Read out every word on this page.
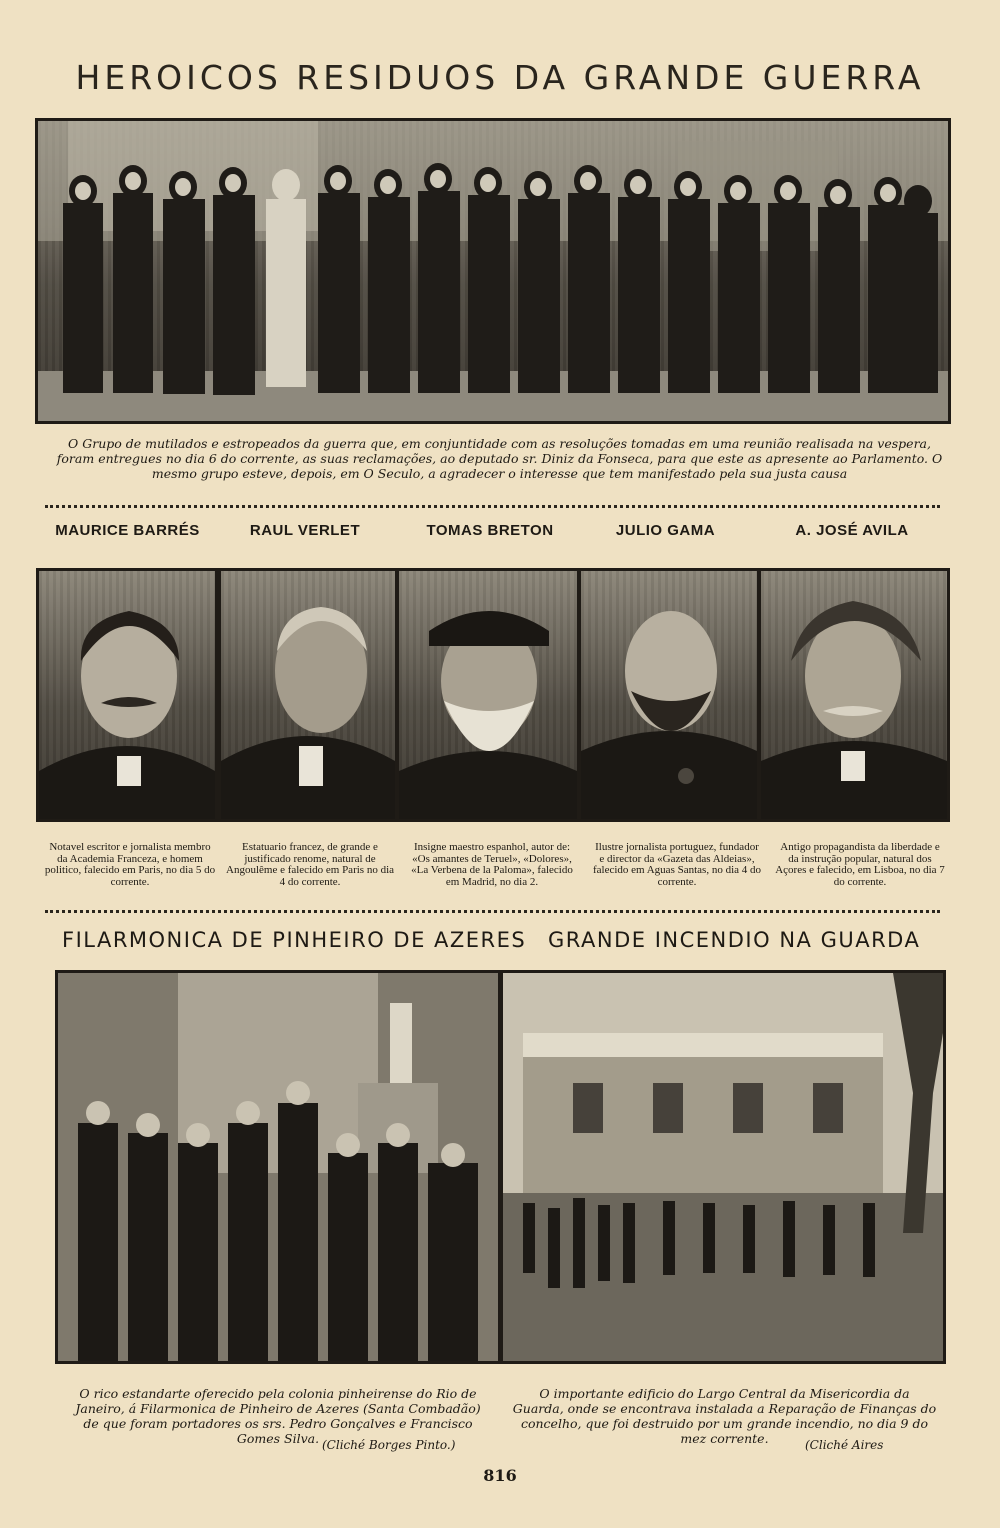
HEROICOS RESIDUOS DA GRANDE GUERRA

O Grupo de mutilados e estropeados da guerra que, em conjuntidade com as resoluções tomadas em uma reunião realisada na vespera, foram entregues no dia 6 do corrente, as suas reclamações, ao deputado sr. Diniz da Fonseca, para que este as apresente ao Parlamento. O mesmo grupo esteve, depois, em O Seculo, a agradecer o interesse que tem manifestado pela sua justa causa

MAURICE BARRÉS	RAUL VERLET	TOMAS BRETON	JULIO GAMA	A. JOSÉ AVILA

Notavel escritor e jornalista membro da Academia Franceza, e homem politico, falecido em Paris, no dia 5 do corrente.

Estatuario francez, de grande e justificado renome, natural de Angoulême e falecido em Paris no dia 4 do corrente.

Insigne maestro espanhol, autor de: «Os amantes de Teruel», «Dolores», «La Verbena de la Paloma», falecido em Madrid, no dia 2.

Ilustre jornalista portuguez, fundador e director da «Gazeta das Aldeias», falecido em Aguas Santas, no dia 4 do corrente.

Antigo propagandista da liberdade e da instrução popular, natural dos Açores e falecido, em Lisboa, no dia 7 do corrente.

FILARMONICA DE PINHEIRO DE AZERES GRANDE INCENDIO NA GUARDA

O rico estandarte oferecido pela colonia pinheirense do Rio de Janeiro, á Filarmonica de Pinheiro de Azeres (Santa Combadão) de que foram portadores os srs. Pedro Gonçalves e Francisco Gomes Silva.

O importante edificio do Largo Central da Misericordia da Guarda, onde se encontrava instalada a Reparação de Finanças do concelho, que foi destruido por um grande incendio, no dia 9 do mez corrente.

(Cliché Borges Pinto.)	(Cliché Aires

816
